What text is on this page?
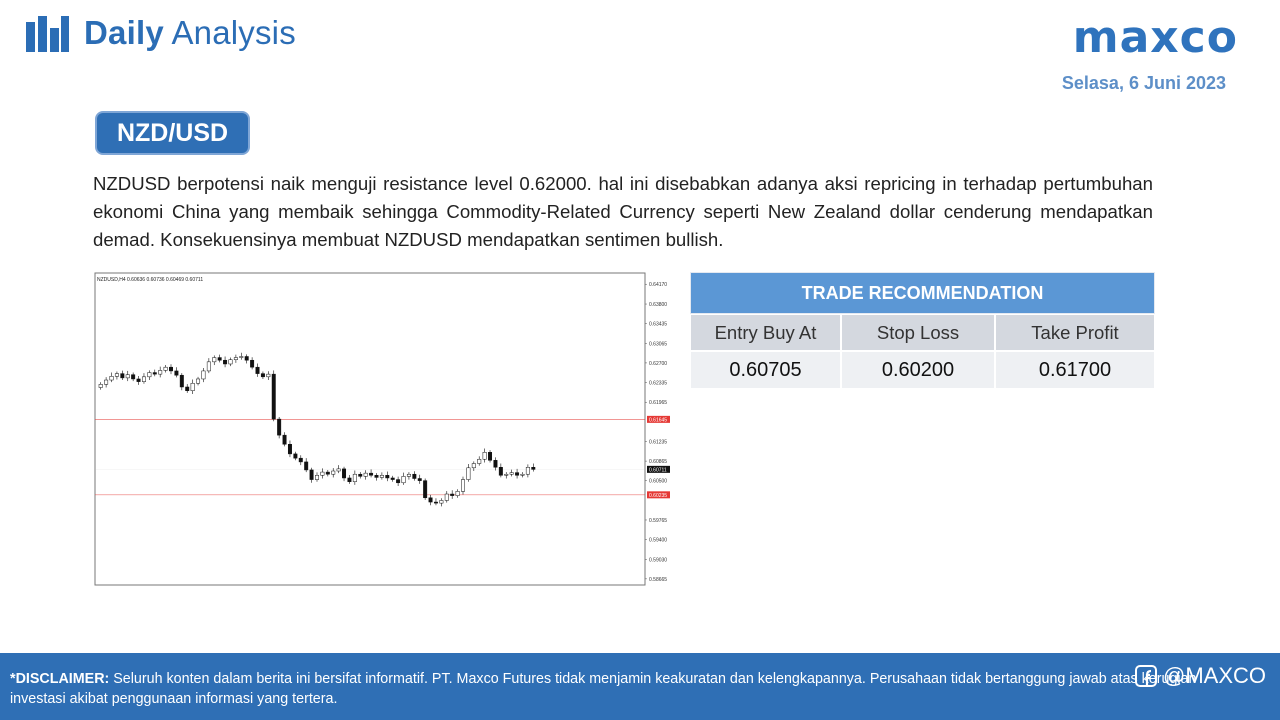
Daily Analysis	maxco
Selasa, 6 Juni 2023
NZD/USD

NZDUSD berpotensi naik menguji resistance level 0.62000. hal ini disebabkan adanya aksi repricing in terhadap pertumbuhan ekonomi China yang membaik sehingga Commodity-Related Currency seperti New Zealand dollar cenderung mendapatkan demad. Konsekuensinya membuat NZDUSD mendapatkan sentimen bullish.

NZDUSD,H4 0.60636 0.60736 0.60469 0.60711
0.64170
0.63800
0.63435
0.63065
0.62700
0.62335
0.61965
0.61235
0.60865
0.60500
0.59765
0.59400
0.59030
0.58665
0.61645
0.60235
0.60711
TRADE RECOMMENDATION
Entry Buy At	Stop Loss	Take Profit
0.60705	0.60200	0.61700

*DISCLAIMER: Seluruh konten dalam berita ini bersifat informatif. PT. Maxco Futures tidak menjamin keakuratan dan kelengkapannya. Perusahaan tidak bertanggung jawab atas kerugian investasi akibat penggunaan informasi yang tertera.

@MAXCO
